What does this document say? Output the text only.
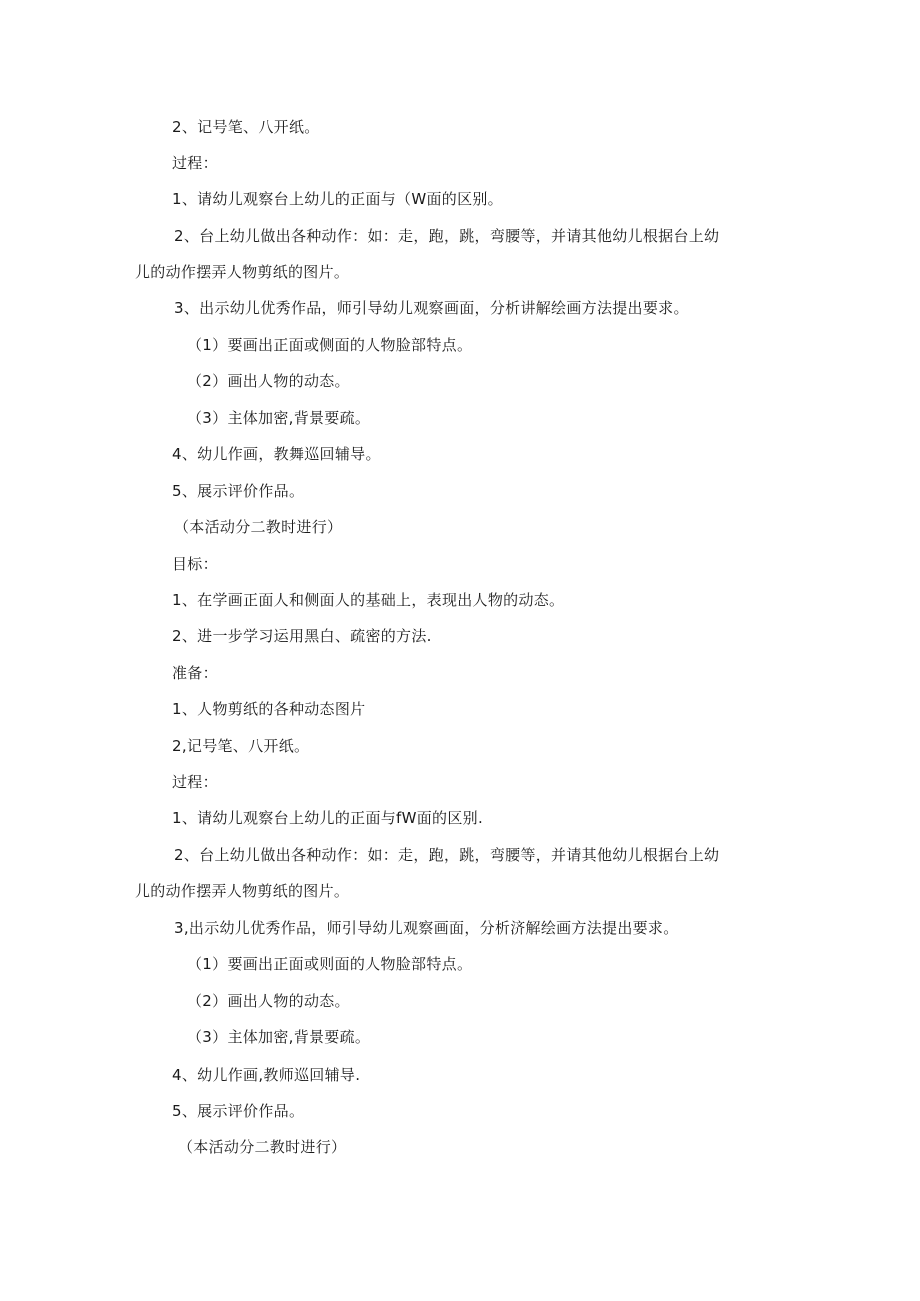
2、记号笔、八开纸。
过程：
1、请幼儿观察台上幼儿的正面与（W面的区别。
2、台上幼儿做出各种动作：如：走，跑，跳，弯腰等，并请其他幼儿根据台上幼
儿的动作摆弄人物剪纸的图片。
3、出示幼儿优秀作品，师引导幼儿观察画面，分析讲解绘画方法提出要求。
（1）要画出正面或侧面的人物脸部特点。
（2）画出人物的动态。
（3）主体加密,背景要疏。
4、幼儿作画，教舞巡回辅导。
5、展示评价作品。
（本活动分二教时进行）
目标：
1、在学画正面人和侧面人的基础上，表现出人物的动态。
2、进一步学习运用黑白、疏密的方法.
准备：
1、人物剪纸的各种动态图片
2,记号笔、八开纸。
过程：
1、请幼儿观察台上幼儿的正面与fW面的区别.
2、台上幼儿做出各种动作：如：走，跑，跳，弯腰等，并请其他幼儿根据台上幼
儿的动作摆弄人物剪纸的图片。
3,出示幼儿优秀作品，师引导幼儿观察画面，分析济解绘画方法提出要求。
（1）要画出正面或则面的人物脸部特点。
（2）画出人物的动态。
（3）主体加密,背景要疏。
4、幼儿作画,教师巡回辅导.
5、展示评价作品。
（本活动分二教时进行）
